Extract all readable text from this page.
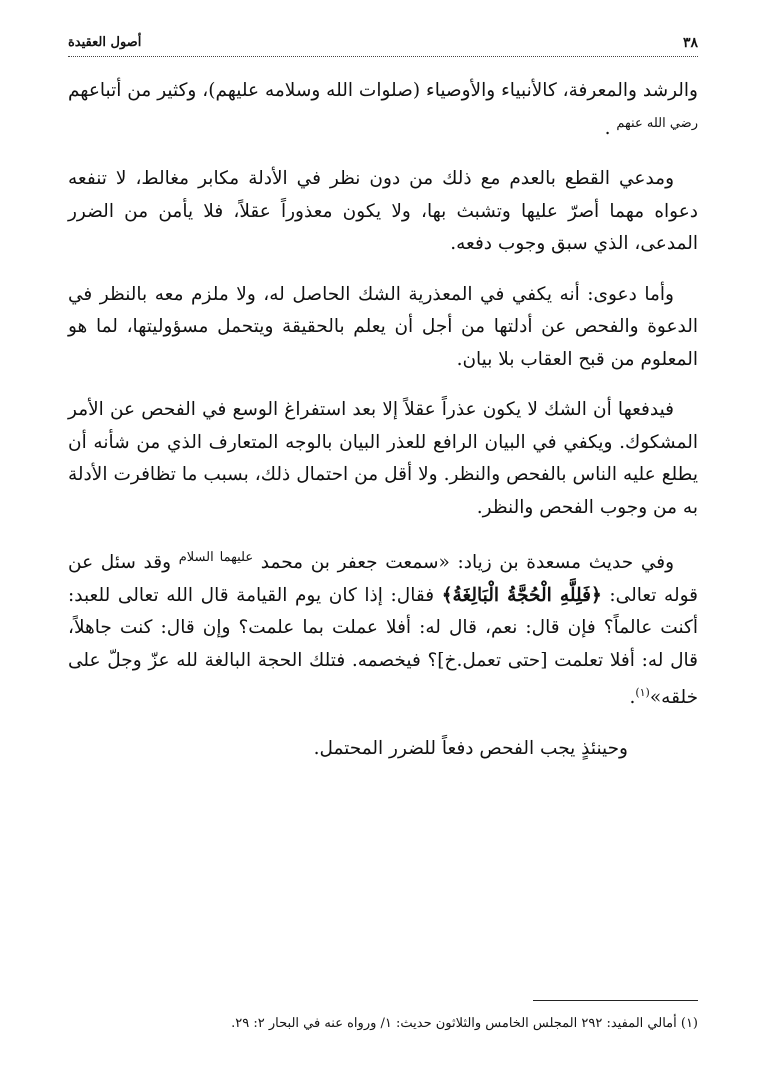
٣٨
أصول العقيدة

والرشد والمعرفة، كالأنبياء والأوصياء (صلوات الله وسلامه عليهم)، وكثير من أتباعهم $^{رضي الله عنهم}$ .

ومدعي القطع بالعدم مع ذلك من دون نظر في الأدلة مكابر مغالط، لا تنفعه دعواه مهما أصرّ عليها وتشبث بها، ولا يكون معذوراً عقلاً، فلا يأمن من الضرر المدعى، الذي سبق وجوب دفعه.

وأما دعوى: أنه يكفي في المعذرية الشك الحاصل له، ولا ملزم معه بالنظر في الدعوة والفحص عن أدلتها من أجل أن يعلم بالحقيقة ويتحمل مسؤوليتها، لما هو المعلوم من قبح العقاب بلا بيان.

فيدفعها أن الشك لا يكون عذراً عقلاً إلا بعد استفراغ الوسع في الفحص عن الأمر المشكوك. ويكفي في البيان الرافع للعذر البيان بالوجه المتعارف الذي من شأنه أن يطلع عليه الناس بالفحص والنظر. ولا أقل من احتمال ذلك، بسبب ما تظافرت الأدلة به من وجوب الفحص والنظر.

وفي حديث مسعدة بن زياد: «سمعت جعفر بن محمد $^{عليهما السلام}$ وقد سئل عن قوله تعالى: ﴿فَلِلَّهِ الْحُجَّةُ الْبَالِغَةُ﴾ فقال: إذا كان يوم القيامة قال الله تعالى للعبد: أكنت عالماً؟ فإن قال: نعم، قال له: أفلا عملت بما علمت؟ وإن قال: كنت جاهلاً، قال له: أفلا تعلمت [حتى تعمل.خ]؟ فيخصمه. فتلك الحجة البالغة لله عزّ وجلّ على خلقه»$^{(١)}$.

وحينئذٍ يجب الفحص دفعاً للضرر المحتمل.

(١) أمالي المفيد: ٢٩٢ المجلس الخامس والثلاثون حديث: ١/ ورواه عنه في البحار ٢: ٢٩.
